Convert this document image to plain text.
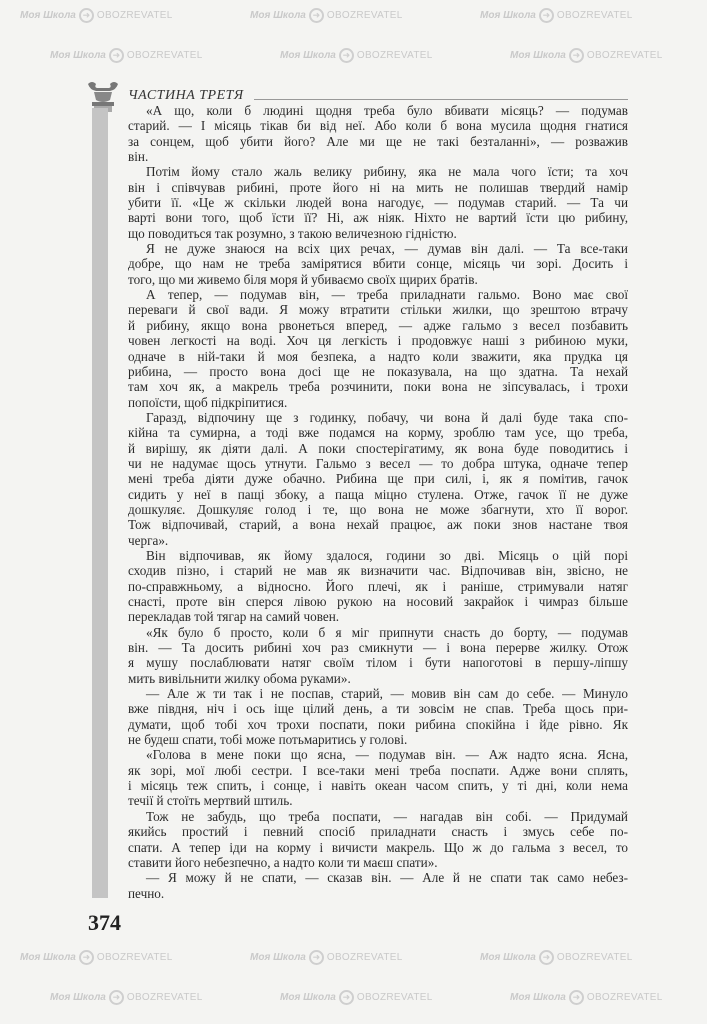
Моя Школа ➜ OBOZREVATEL	Моя Школа ➜ OBOZREVATEL	Моя Школа ➜ OBOZREVATEL
Моя Школа ➜ OBOZREVATEL	Моя Школа ➜ OBOZREVATEL	Моя Школа ➜ OBOZREVATEL
Моя Школа ➜ OBOZREVATEL	Моя Школа ➜ OBOZREVATEL	Моя Школа ➜ OBOZREVATEL
Моя Школа ➜ OBOZREVATEL	Моя Школа ➜ OBOZREVATEL	Моя Школа ➜ OBOZREVATEL
ЧАСТИНА ТРЕТЯ
«А що, коли б людині щодня треба було вбивати місяць? — подумав
старий. — І місяць тікав би від неї. Або коли б вона мусила щодня гнатися
за сонцем, щоб убити його? Але ми ще не такі безталанні», — розважив
він.
Потім йому стало жаль велику рибину, яка не мала чого їсти; та хоч
він і співчував рибині, проте його ні на мить не полишав твердий намір
убити її. «Це ж скільки людей вона нагодує, — подумав старий. — Та чи
варті вони того, щоб їсти її? Ні, аж ніяк. Ніхто не вартий їсти цю рибину,
що поводиться так розумно, з такою величезною гідністю.
Я не дуже знаюся на всіх цих речах, — думав він далі. — Та все-таки
добре, що нам не треба замірятися вбити сонце, місяць чи зорі. Досить і
того, що ми живемо біля моря й убиваємо своїх щирих братів.
А тепер, — подумав він, — треба приладнати гальмо. Воно має свої
переваги й свої вади. Я можу втратити стільки жилки, що зрештою втрачу
й рибину, якщо вона рвонеться вперед, — адже гальмо з весел позбавить
човен легкості на воді. Хоч ця легкість і продовжує наші з рибиною муки,
одначе в ній-таки й моя безпека, а надто коли зважити, яка прудка ця
рибина, — просто вона досі ще не показувала, на що здатна. Та нехай
там хоч як, а макрель треба розчинити, поки вона не зіпсувалась, і трохи
попоїсти, щоб підкріпитися.
Гаразд, відпочину ще з годинку, побачу, чи вона й далі буде така спо-
кійна та сумирна, а тоді вже подамся на корму, зроблю там усе, що треба,
й вирішу, як діяти далі. А поки спостерігатиму, як вона буде поводитись і
чи не надумає щось утнути. Гальмо з весел — то добра штука, одначе тепер
мені треба діяти дуже обачно. Рибина ще при силі, і, як я помітив, гачок
сидить у неї в пащі збоку, а паща міцно стулена. Отже, гачок її не дуже
дошкуляє. Дошкуляє голод і те, що вона не може збагнути, хто її ворог.
Тож відпочивай, старий, а вона нехай працює, аж поки знов настане твоя
черга».
Він відпочивав, як йому здалося, години зо дві. Місяць о цій порі
сходив пізно, і старий не мав як визначити час. Відпочивав він, звісно, не
по-справжньому, а відносно. Його плечі, як і раніше, стримували натяг
снасті, проте він сперся лівою рукою на носовий закрайок і чимраз більше
перекладав той тягар на самий човен.
«Як було б просто, коли б я міг припнути снасть до борту, — подумав
він. — Та досить рибині хоч раз смикнути — і вона перерве жилку. Отож
я мушу послаблювати натяг своїм тілом і бути напоготові в першу-ліпшу
мить вивільнити жилку обома руками».
— Але ж ти так і не поспав, старий, — мовив він сам до себе. — Минуло
вже півдня, ніч і ось іще цілий день, а ти зовсім не спав. Треба щось при-
думати, щоб тобі хоч трохи поспати, поки рибина спокійна і йде рівно. Як
не будеш спати, тобі може потьмаритись у голові.
«Голова в мене поки що ясна, — подумав він. — Аж надто ясна. Ясна,
як зорі, мої любі сестри. І все-таки мені треба поспати. Адже вони сплять,
і місяць теж спить, і сонце, і навіть океан часом спить, у ті дні, коли нема
течії й стоїть мертвий штиль.
Тож не забудь, що треба поспати, — нагадав він собі. — Придумай
якийсь простий і певний спосіб приладнати снасть і змусь себе по-
спати. А тепер іди на корму і вичисти макрель. Що ж до гальма з весел, то
ставити його небезпечно, а надто коли ти маєш спати».
— Я можу й не спати, — сказав він. — Але й не спати так само небез-
печно.
374
